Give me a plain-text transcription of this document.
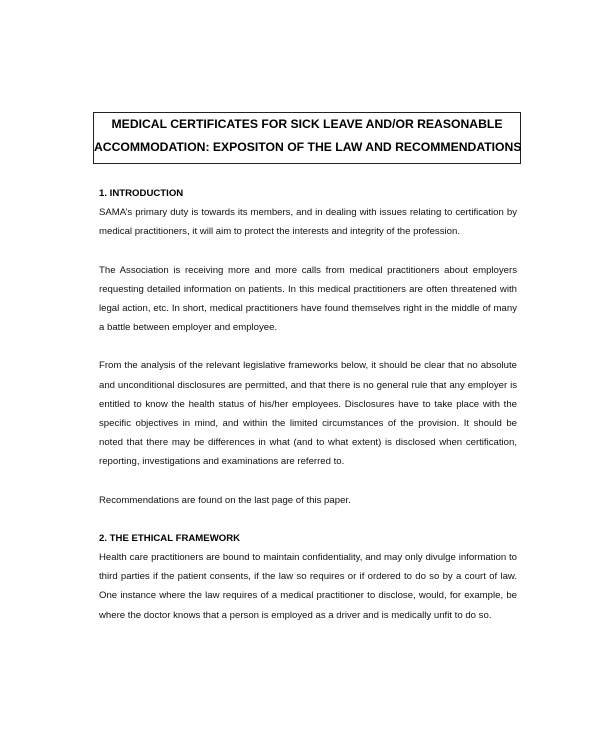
MEDICAL CERTIFICATES FOR SICK LEAVE AND/OR REASONABLE
ACCOMMODATION: EXPOSITON OF THE LAW AND RECOMMENDATIONS

1. INTRODUCTION

SAMA’s primary duty is towards its members, and in dealing with issues relating to certification by medical practitioners, it will aim to protect the interests and integrity of the profession.

The Association is receiving more and more calls from medical practitioners about employers requesting detailed information on patients. In this medical practitioners are often threatened with legal action, etc. In short, medical practitioners have found themselves right in the middle of many a battle between employer and employee.

From the analysis of the relevant legislative frameworks below, it should be clear that no absolute and unconditional disclosures are permitted, and that there is no general rule that any employer is entitled to know the health status of his/her employees. Disclosures have to take place with the specific objectives in mind, and within the limited circumstances of the provision. It should be noted that there may be differences in what (and to what extent) is disclosed when certification, reporting, investigations and examinations are referred to.

Recommendations are found on the last page of this paper.

2. THE ETHICAL FRAMEWORK

Health care practitioners are bound to maintain confidentiality, and may only divulge information to third parties if the patient consents, if the law so requires or if ordered to do so by a court of law. One instance where the law requires of a medical practitioner to disclose, would, for example, be where the doctor knows that a person is employed as a driver and is medically unfit to do so.
